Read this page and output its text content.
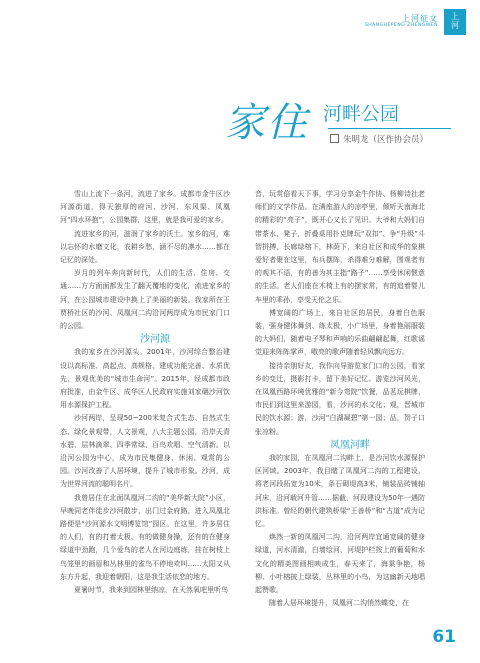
上河征文
SHANGHEPENG ZHENGWEN
上
河
家住 河畔公园
朱明龙（区作协会员）

雪山上流下一条河，流进了家乡。成都市金牛区沙河源街道，得天独厚的府河、沙河、东风渠、凤凰河“四水环抱”，公园集群，这里，就是我可爱的家乡。

流进家乡的河，滋润了家乡的沃土。家乡的河，难以忘怀的水磨文化，农耕乡愁，涵不尽的凛水……都在记忆的深处。

岁月的列车奔向新时代，人们的生活、住房、交通……方方面面都发生了翻天覆地的变化，流进家乡的河，在公园城市建设中换上了美丽的新装。我家所在王贾桥社区的沙河、凤凰河二沟沿河两岸成为市民家门口的公园。

沙河源

我的家乡在沙河源头。2001年，沙河综合整治建设以高标准、高起点、高规格、建成功能完善、水质优先、景观优美的“城市生命河”。2015年，经成都市政府批准，由金牛区、成华区人民政府实施刘家碾沙河饮用水源保护工程。

沙河两岸，呈现50~200米复合式生态、自然式生态、绿化景观带，人文景观，八大主题公园，沿岸天青水碧、层林滴翠、四季常绿、百鸟欢唱、空气清新。以沿河公园为中心，成为市民集健身、休闲、观赏的公园。沙河改善了人居环境，提升了城市形象。沙河，成为世界河流的聪明名片。

我曾居住在北面凤凰河二沟的“美华新大院”小区，早晚同老伴徒步沙河散步，出门过金府路，进入凤凰北路便是“沙河源水文明博览馆”园区。在这里，许多居住的人们，有的打着太极，有的做健身操，还有的在健身绿道中劲跑，几个爱鸟的老人在河边庭练，挂在树枝上鸟笼里的画眉和丛林里的雀鸟不停地欢叫……太阳又从东方升起，我迎着朝阳，这是我生活依恋的地方。

夏暑时节，我来到园林里纳凉，在天然氧吧里听鸟

音，玩赏倍看天下事，学习分享金牛作协、杨柳诗社老师们的文学作品。在满座游人的凉亭里，倾听天南海北的精彩的“亮子”，既开心又长了见识。大爷和大妈们自带茶水、凳子，折叠桌用扑克牌玩“双扣”、争“升级”斗智拼搏，长廊绿榕下，林荫下，来自社区和成华的象棋爱好者聚在这里，布兵摆阵，杀得难分难解，围观者有的观其不语，有的善为其主指“路子”……享受休闲惬意的生活。老人们座在木椅上有的摆家常，有的追着婴儿车里的乖孙，享受天伦之乐。

傅宽阔的广场上，来自社区的居民，身着白色服装，强身健体舞剑、练太极，小广场里，身着艳丽服装的大妈们，随着电子琴和声响的乐曲翩翩起舞，红歌谣觉迎来阵阵掌声，嗷亮的歌声随着轻风飘向远方。

接待亲朋好友，我作向导游览家门口的公园，看家乡的变迁，摄影打卡，留下美好记忆。游览沙河风光，在凤凰西路环境优雅的“新今弯院”饮餐，品茗玩棋牌，市民们到这里来游园，看，沙河的水文化；观，晋城市民的饮水源；游，沙河“白湖凝碧”第一园；品，贺子口张凉粉。

凤凰河畔

我的家园，在凤凰河二沟畔上，是沙河饮水源保护区河域。2003年，我目睹了凤凰河二沟的工程建设，将老河段拓宽为10米，条石砌堤高3米，铺装品砖铺轴河床，沿河载河升管……据截，河段建设为50年一遇防洪标准。曾经的朝代建筑桥梁“王善桥”和“古道”成为记忆。

焕然一新的凤凰河二沟，沿河两岸宜通宽阔的健身绿道，河水清澈，白墙绘河，河堤护栏按上的葡萄和水文化的精美图画相映成生，春天来了，海棠争艳，杨柳、小叶榕披上绿装，丛林里的小鸟，为这幽新天地唱起赞歌。

随着人居环境提升，凤凰河二沟悄然蝶变，在

61
